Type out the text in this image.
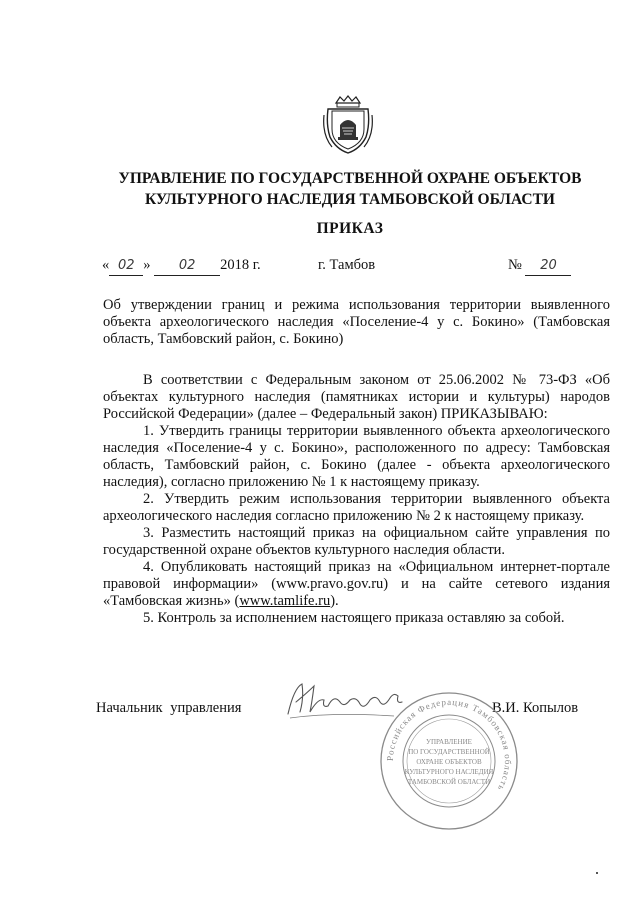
УПРАВЛЕНИЕ ПО ГОСУДАРСТВЕННОЙ ОХРАНЕ ОБЪЕКТОВ
КУЛЬТУРНОГО НАСЛЕДИЯ ТАМБОВСКОЙ ОБЛАСТИ
ПРИКАЗ
« 02 » 02 2018 г.	г. Тамбов	№ 20
Об утверждении границ и режима использования территории выявленного объекта археологического наследия «Поселение-4 у с. Бокино» (Тамбовская область, Тамбовский район, с. Бокино)

В соответствии с Федеральным законом от 25.06.2002 № 73-ФЗ «Об объектах культурного наследия (памятниках истории и культуры) народов Российской Федерации» (далее – Федеральный закон) ПРИКАЗЫВАЮ:

1. Утвердить границы территории выявленного объекта археологического наследия «Поселение-4 у с. Бокино», расположенного по адресу: Тамбовская область, Тамбовский район, с. Бокино (далее - объекта археологического наследия), согласно приложению № 1 к настоящему приказу.

2. Утвердить режим использования территории выявленного объекта археологического наследия согласно приложению № 2 к настоящему приказу.

3. Разместить настоящий приказ на официальном сайте управления по государственной охране объектов культурного наследия области.

4. Опубликовать настоящий приказ на «Официальном интернет-портале правовой информации» (www.pravo.gov.ru) и на сайте сетевого издания «Тамбовская жизнь» (www.tamlife.ru).

5. Контроль за исполнением настоящего приказа оставляю за собой.

Начальник управления	В.И. Копылов
Российская Федерация Тамбовская область
УПРАВЛЕНИЕ
ПО ГОСУДАРСТВЕННОЙ
ОХРАНЕ ОБЪЕКТОВ
КУЛЬТУРНОГО НАСЛЕДИЯ
ТАМБОВСКОЙ ОБЛАСТИ
